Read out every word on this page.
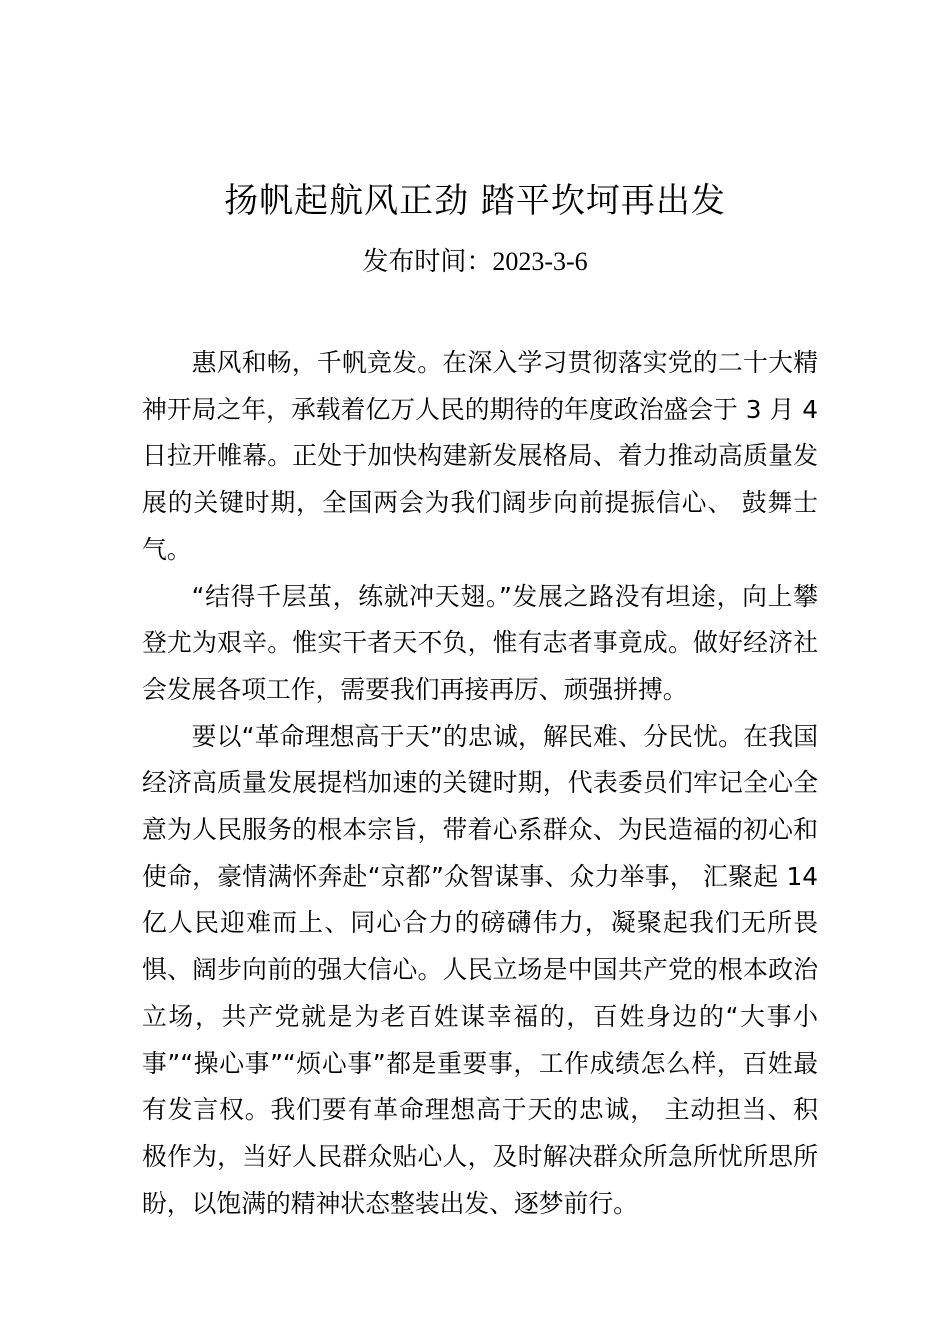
扬帆起航风正劲 踏平坎坷再出发
发布时间：2023-3-6

惠风和畅，千帆竞发。在深入学习贯彻落实党的二十大精神开局之年，承载着亿万人民的期待的年度政治盛会于 3 月 4 日拉开帷幕。正处于加快构建新发展格局、着力推动高质量发展的关键时期，全国两会为我们阔步向前提振信心、 鼓舞士气。

“结得千层茧，练就冲天翅。”发展之路没有坦途，向上攀登尤为艰辛。惟实干者天不负，惟有志者事竟成。做好经济社会发展各项工作，需要我们再接再厉、顽强拼搏。

要以“革命理想高于天”的忠诚，解民难、分民忧。在我国经济高质量发展提档加速的关键时期，代表委员们牢记全心全意为人民服务的根本宗旨，带着心系群众、为民造福的初心和使命，豪情满怀奔赴“京都”众智谋事、众力举事， 汇聚起 14 亿人民迎难而上、同心合力的磅礴伟力，凝聚起我们无所畏惧、阔步向前的强大信心。人民立场是中国共产党的根本政治立场，共产党就是为老百姓谋幸福的，百姓身边的“大事小事”“操心事”“烦心事”都是重要事，工作成绩怎么样，百姓最有发言权。我们要有革命理想高于天的忠诚， 主动担当、积极作为，当好人民群众贴心人，及时解决群众所急所忧所思所盼，以饱满的精神状态整装出发、逐梦前行。
